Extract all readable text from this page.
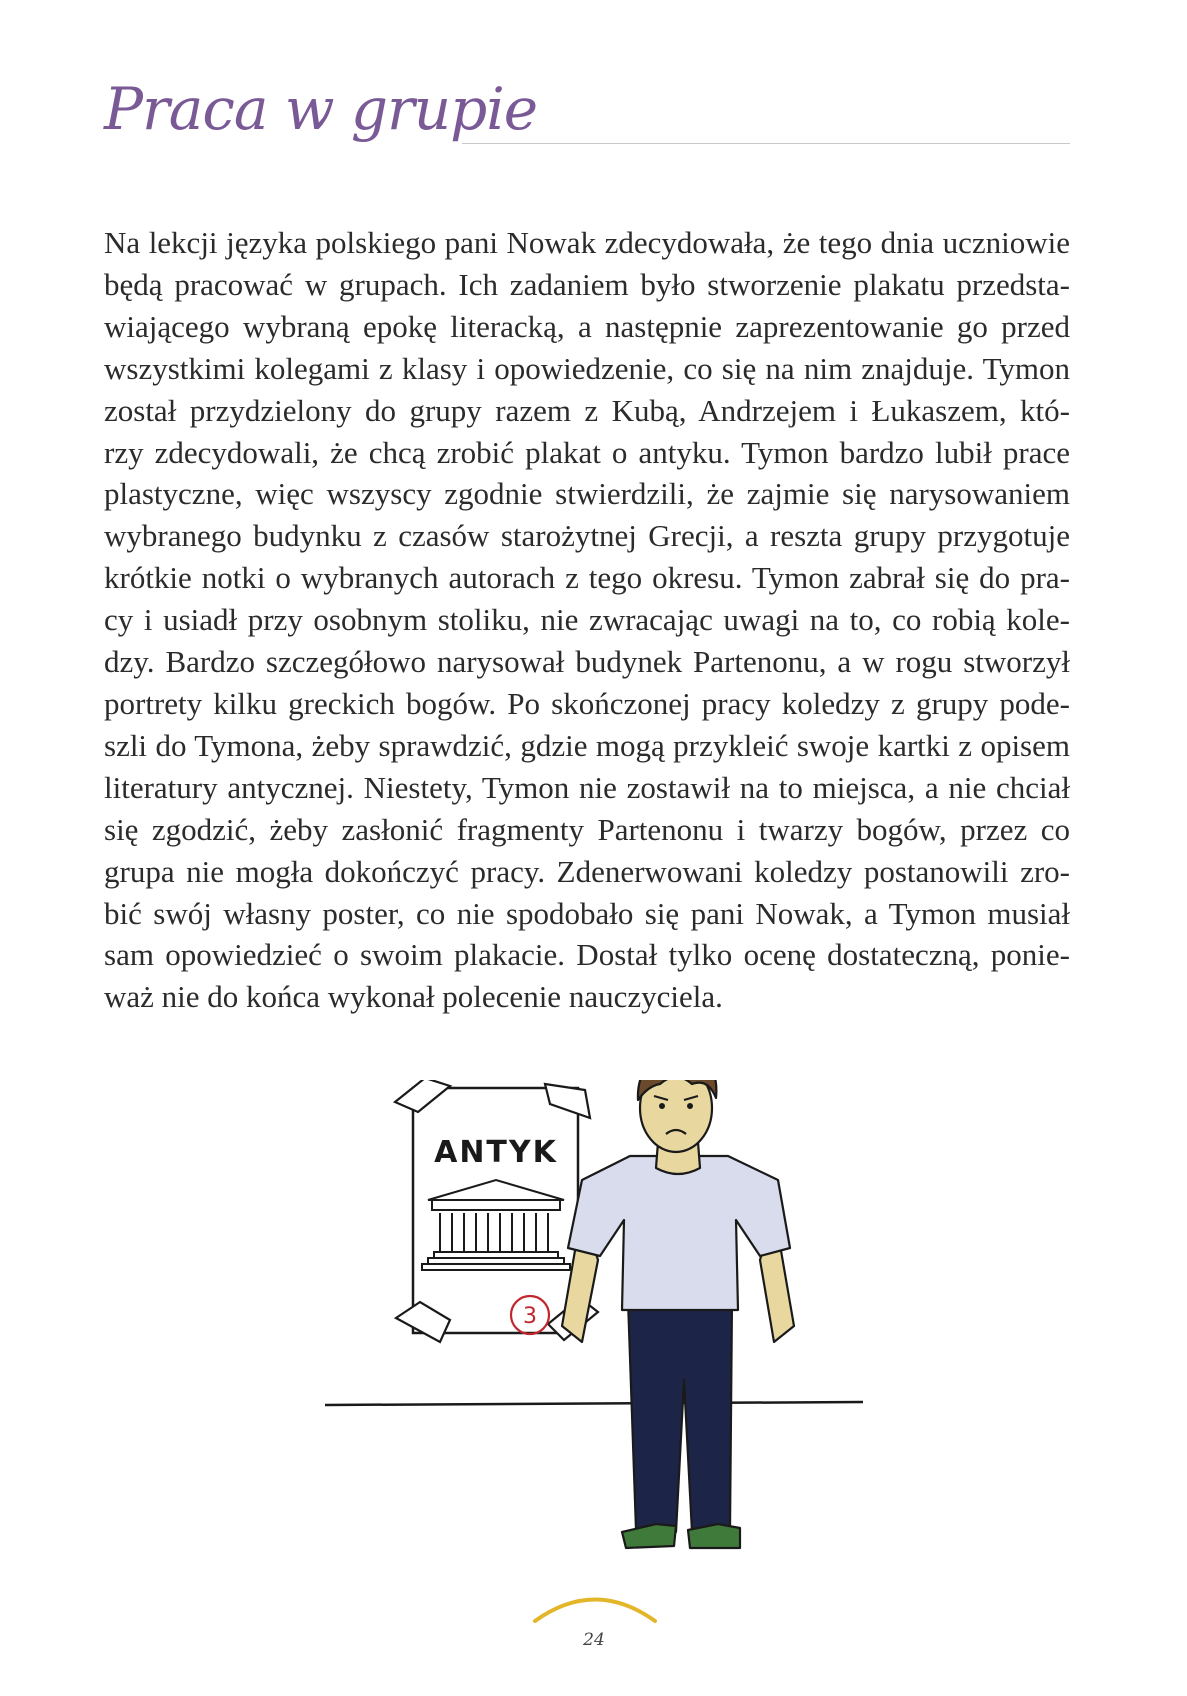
Praca w grupie

Na lekcji języka polskiego pani Nowak zdecydowała, że tego dnia uczniowie
będą pracować w grupach. Ich zadaniem było stworzenie plakatu przedsta-
wiającego wybraną epokę literacką, a następnie zaprezentowanie go przed
wszystkimi kolegami z klasy i opowiedzenie, co się na nim znajduje. Tymon
został przydzielony do grupy razem z Kubą, Andrzejem i Łukaszem, któ-
rzy zdecydowali, że chcą zrobić plakat o antyku. Tymon bardzo lubił prace
plastyczne, więc wszyscy zgodnie stwierdzili, że zajmie się narysowaniem
wybranego budynku z czasów starożytnej Grecji, a reszta grupy przygotuje
krótkie notki o wybranych autorach z tego okresu. Tymon zabrał się do pra-
cy i usiadł przy osobnym stoliku, nie zwracając uwagi na to, co robią kole-
dzy. Bardzo szczegółowo narysował budynek Partenonu, a w rogu stworzył
portrety kilku greckich bogów. Po skończonej pracy koledzy z grupy pode-
szli do Tymona, żeby sprawdzić, gdzie mogą przykleić swoje kartki z opisem
literatury antycznej. Niestety, Tymon nie zostawił na to miejsca, a nie chciał
się zgodzić, żeby zasłonić fragmenty Partenonu i twarzy bogów, przez co
grupa nie mogła dokończyć pracy. Zdenerwowani koledzy postanowili zro-
bić swój własny poster, co nie spodobało się pani Nowak, a Tymon musiał
sam opowiedzieć o swoim plakacie. Dostał tylko ocenę dostateczną, ponie-
waż nie do końca wykonał polecenie nauczyciela.

ANTYK
3
24
